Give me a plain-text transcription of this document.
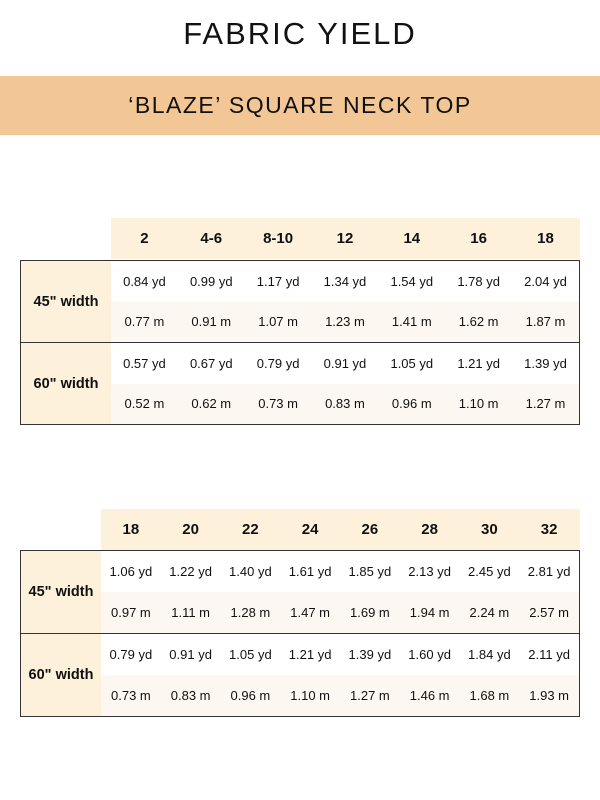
FABRIC YIELD
‘BLAZE’ SQUARE NECK TOP
2	4-6	8-10	12	14	16	18
45" width
0.84 yd	0.99 yd	1.17 yd	1.34 yd	1.54 yd	1.78 yd	2.04 yd
0.77 m	0.91 m	1.07 m	1.23 m	1.41 m	1.62 m	1.87 m
60" width
0.57 yd	0.67 yd	0.79 yd	0.91 yd	1.05 yd	1.21 yd	1.39 yd
0.52 m	0.62 m	0.73 m	0.83 m	0.96 m	1.10 m	1.27 m
18	20	22	24	26	28	30	32
45" width
1.06 yd	1.22 yd	1.40 yd	1.61 yd	1.85 yd	2.13 yd	2.45 yd	2.81 yd
0.97 m	1.11 m	1.28 m	1.47 m	1.69 m	1.94 m	2.24 m	2.57 m
60" width
0.79 yd	0.91 yd	1.05 yd	1.21 yd	1.39 yd	1.60 yd	1.84 yd	2.11 yd
0.73 m	0.83 m	0.96 m	1.10 m	1.27 m	1.46 m	1.68 m	1.93 m
